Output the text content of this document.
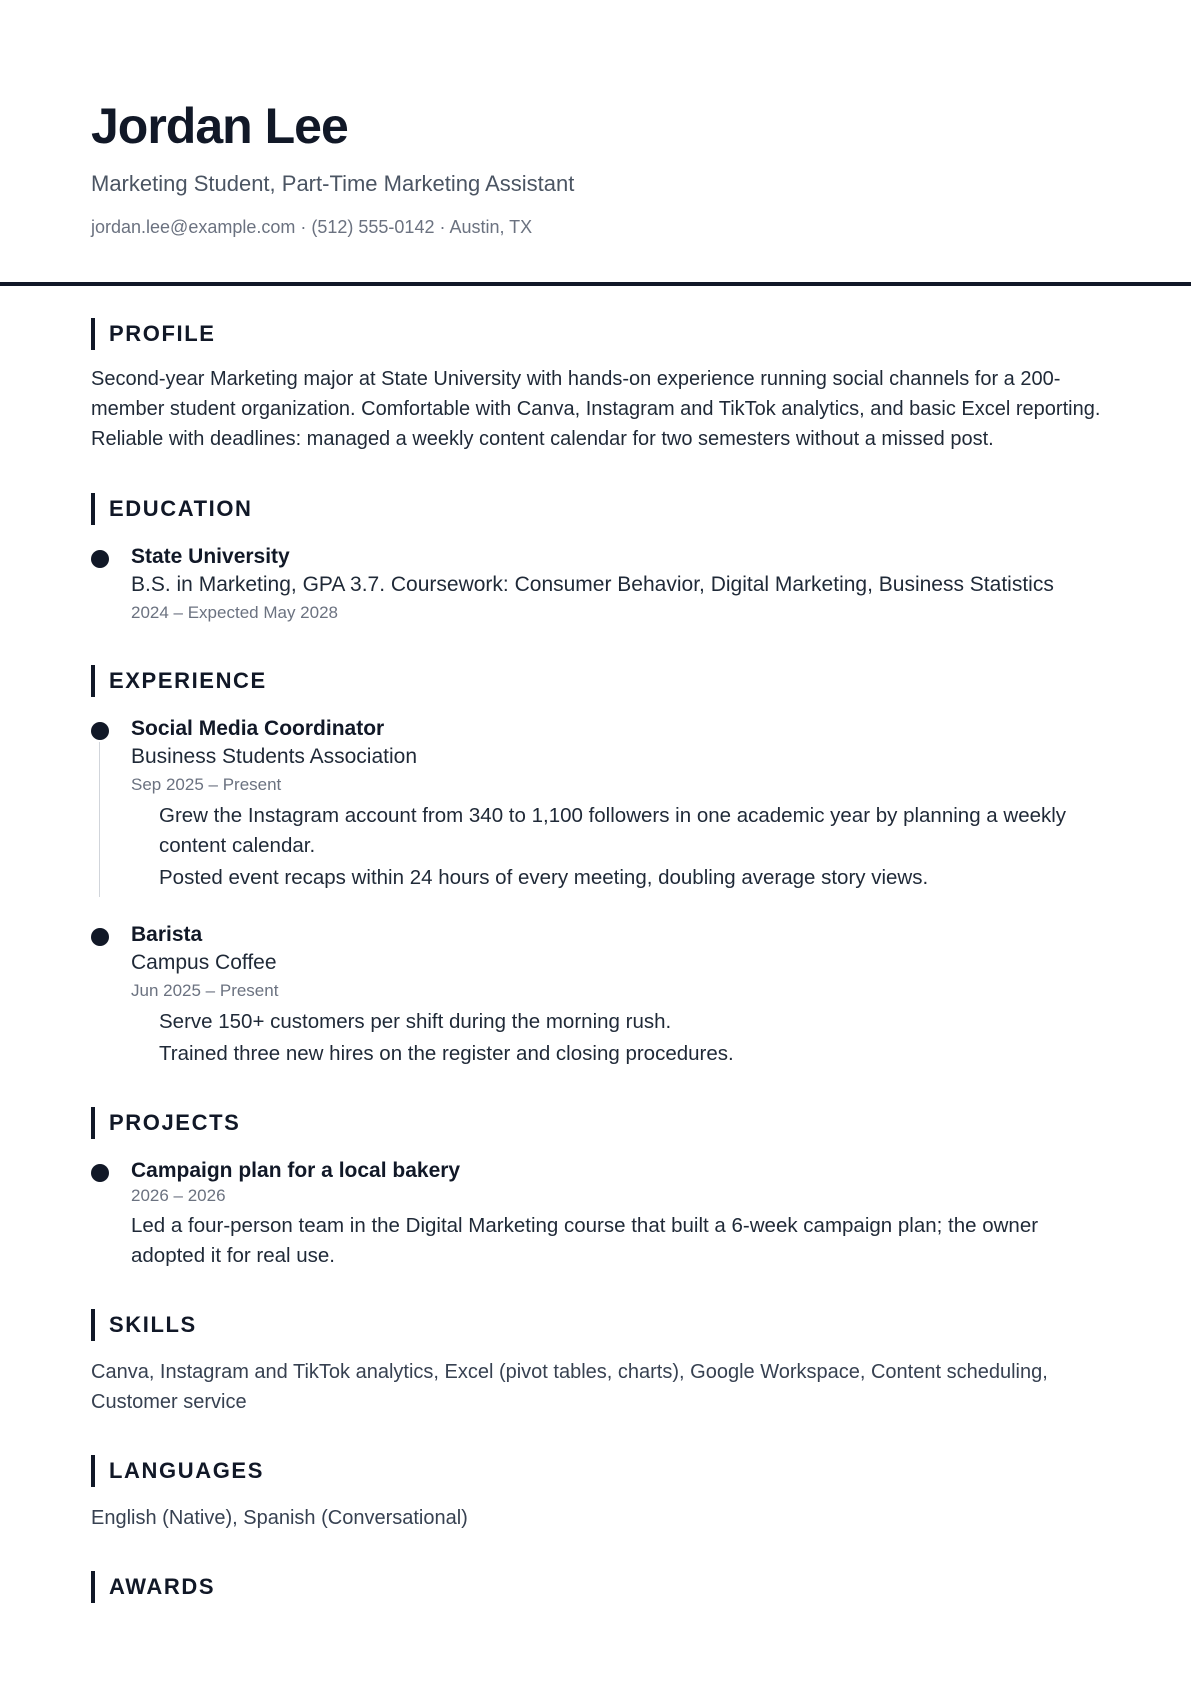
Jordan Lee
Marketing Student, Part-Time Marketing Assistant
jordan.lee@example.com · (512) 555-0142 · Austin, TX
PROFILE
Second-year Marketing major at State University with hands-on experience running social channels for a 200-member student organization. Comfortable with Canva, Instagram and TikTok analytics, and basic Excel reporting. Reliable with deadlines: managed a weekly content calendar for two semesters without a missed post.
EDUCATION
State University
B.S. in Marketing, GPA 3.7. Coursework: Consumer Behavior, Digital Marketing, Business Statistics
2024 – Expected May 2028
EXPERIENCE
Social Media Coordinator
Business Students Association
Sep 2025 – Present
Grew the Instagram account from 340 to 1,100 followers in one academic year by planning a weekly content calendar.
Posted event recaps within 24 hours of every meeting, doubling average story views.
Barista
Campus Coffee
Jun 2025 – Present
Serve 150+ customers per shift during the morning rush.
Trained three new hires on the register and closing procedures.
PROJECTS
Campaign plan for a local bakery
2026 – 2026
Led a four-person team in the Digital Marketing course that built a 6-week campaign plan; the owner adopted it for real use.
SKILLS
Canva, Instagram and TikTok analytics, Excel (pivot tables, charts), Google Workspace, Content scheduling, Customer service
LANGUAGES
English (Native), Spanish (Conversational)
AWARDS
